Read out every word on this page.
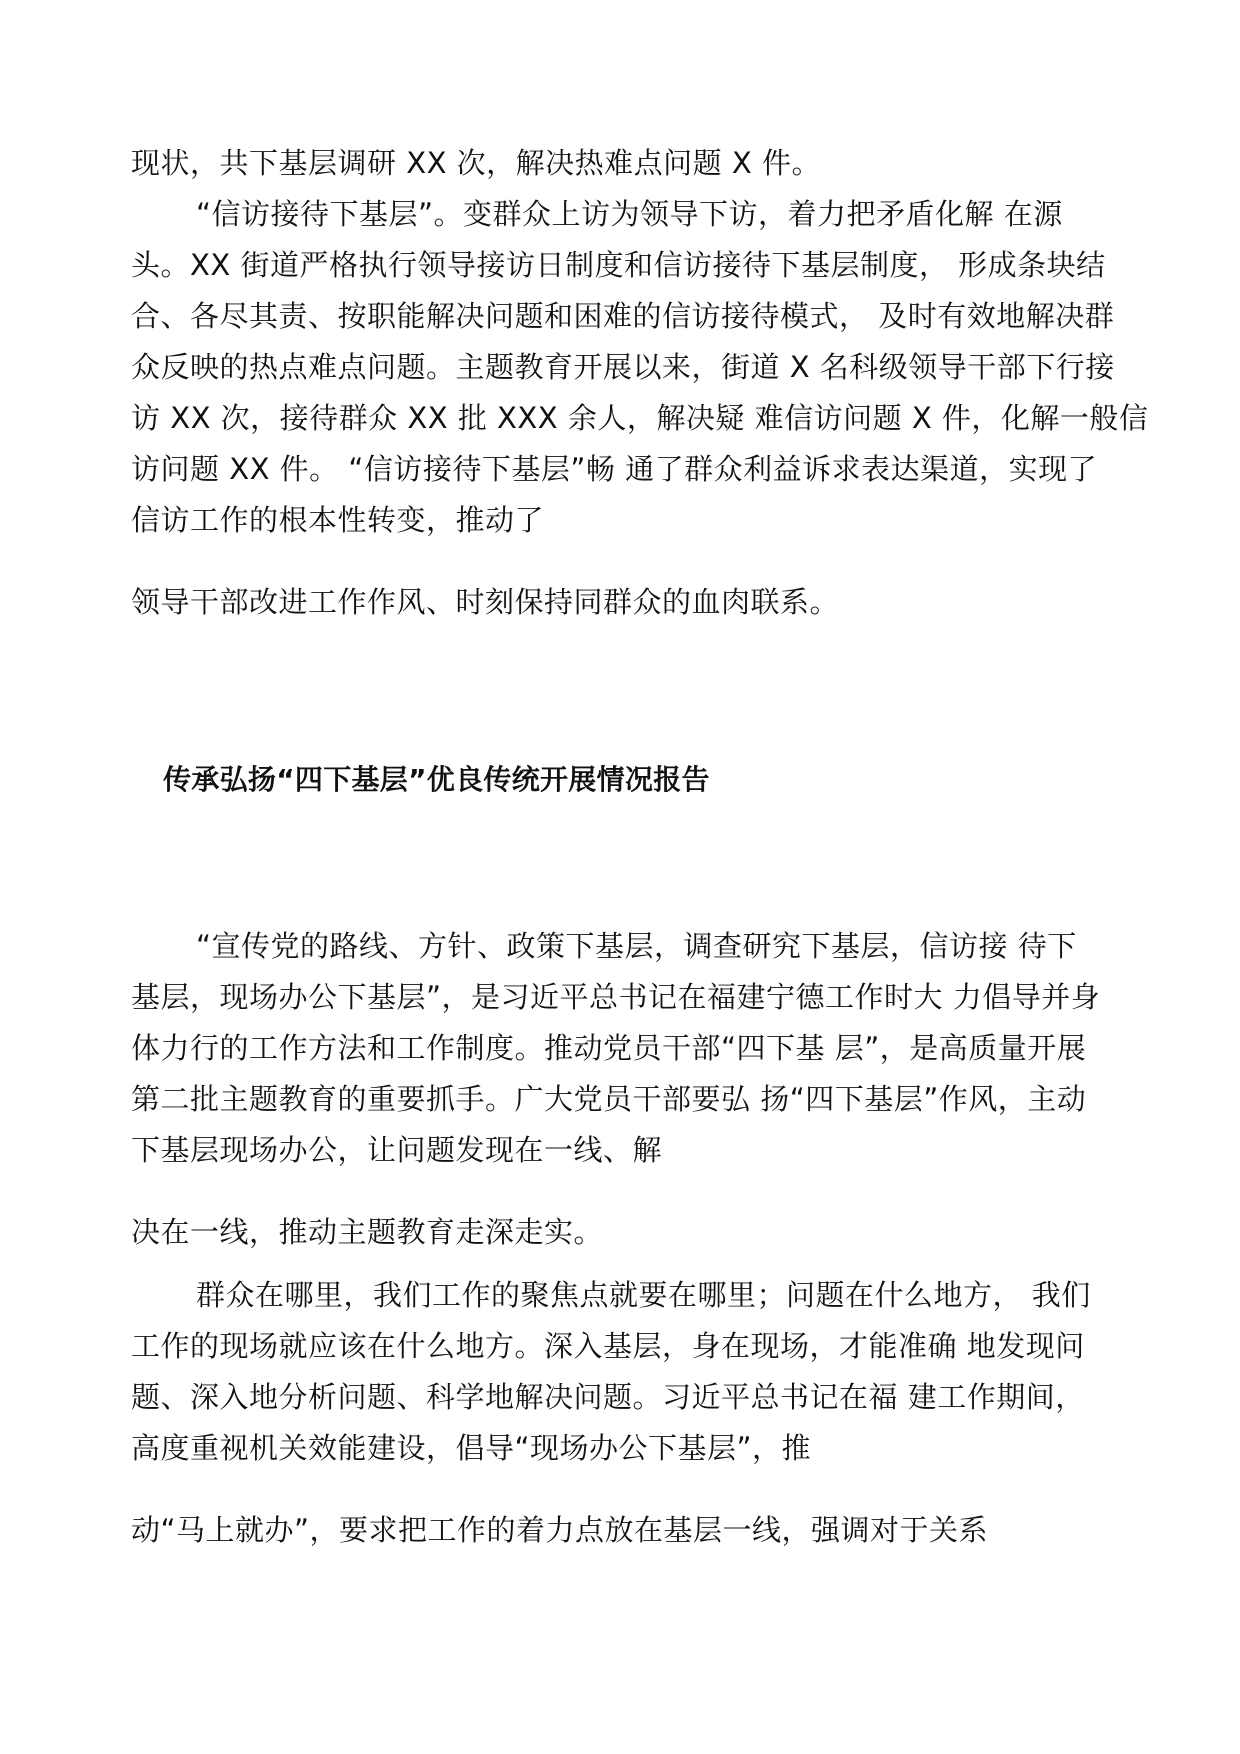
现状，共下基层调研 XX 次，解决热难点问题 X 件。
“信访接待下基层”。变群众上访为领导下访，着力把矛盾化解 在源
头。XX 街道严格执行领导接访日制度和信访接待下基层制度， 形成条块结
合、各尽其责、按职能解决问题和困难的信访接待模式， 及时有效地解决群
众反映的热点难点问题。主题教育开展以来，街道 X 名科级领导干部下行接
访 XX 次，接待群众 XX 批 XXX 余人，解决疑 难信访问题 X 件，化解一般信
访问题 XX 件。 “信访接待下基层”畅 通了群众利益诉求表达渠道，实现了
信访工作的根本性转变，推动了
领导干部改进工作作风、时刻保持同群众的血肉联系。
传承弘扬“四下基层”优良传统开展情况报告
“宣传党的路线、方针、政策下基层，调查研究下基层，信访接 待下
基层，现场办公下基层”，是习近平总书记在福建宁德工作时大 力倡导并身
体力行的工作方法和工作制度。推动党员干部“四下基 层”，是高质量开展
第二批主题教育的重要抓手。广大党员干部要弘 扬“四下基层”作风，主动
下基层现场办公，让问题发现在一线、解
决在一线，推动主题教育走深走实。
群众在哪里，我们工作的聚焦点就要在哪里；问题在什么地方， 我们
工作的现场就应该在什么地方。深入基层，身在现场，才能准确 地发现问
题、深入地分析问题、科学地解决问题。习近平总书记在福 建工作期间，
高度重视机关效能建设，倡导“现场办公下基层”，推
动“马上就办”，要求把工作的着力点放在基层一线，强调对于关系
